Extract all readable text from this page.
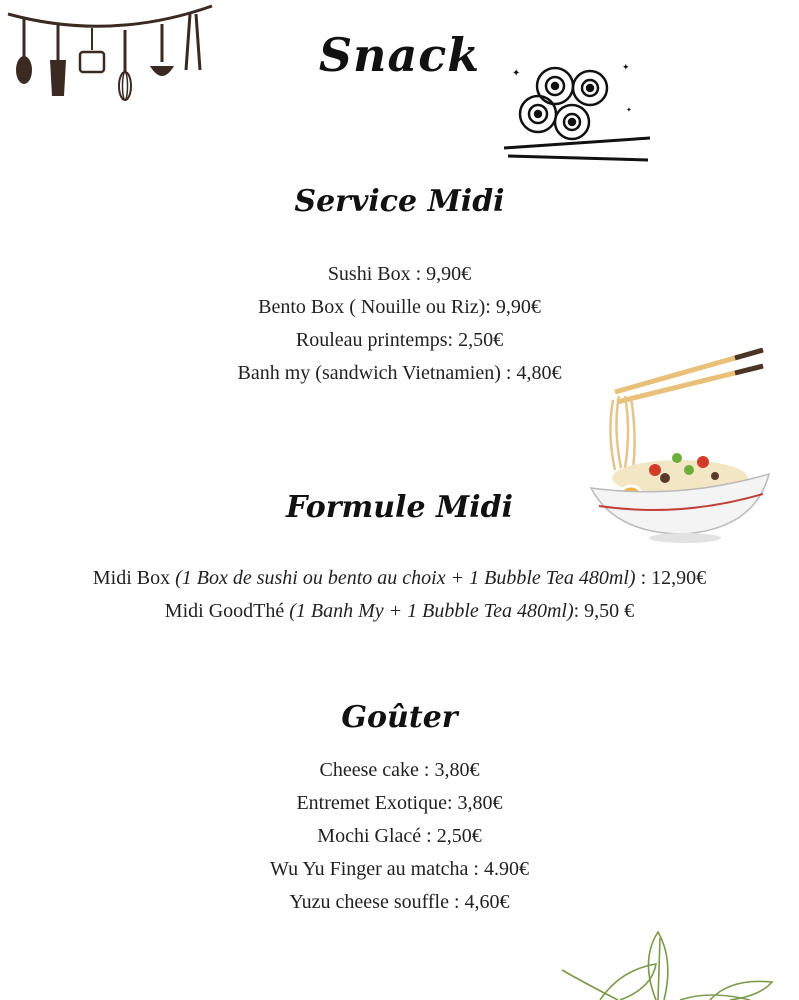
Snack	✦	✦
✦
Service Midi
Sushi Box : 9,90€
Bento Box ( Nouille ou Riz): 9,90€
Rouleau printemps: 2,50€
Banh my (sandwich Vietnamien) : 4,80€
Formule Midi
Midi Box (1 Box de sushi ou bento au choix + 1 Bubble Tea 480ml) : 12,90€
Midi GoodThé (1 Banh My + 1 Bubble Tea 480ml): 9,50 €
Goûter
Cheese cake : 3,80€
Entremet Exotique: 3,80€
Mochi Glacé : 2,50€
Wu Yu Finger au matcha : 4.90€
Yuzu cheese souffle : 4,60€
